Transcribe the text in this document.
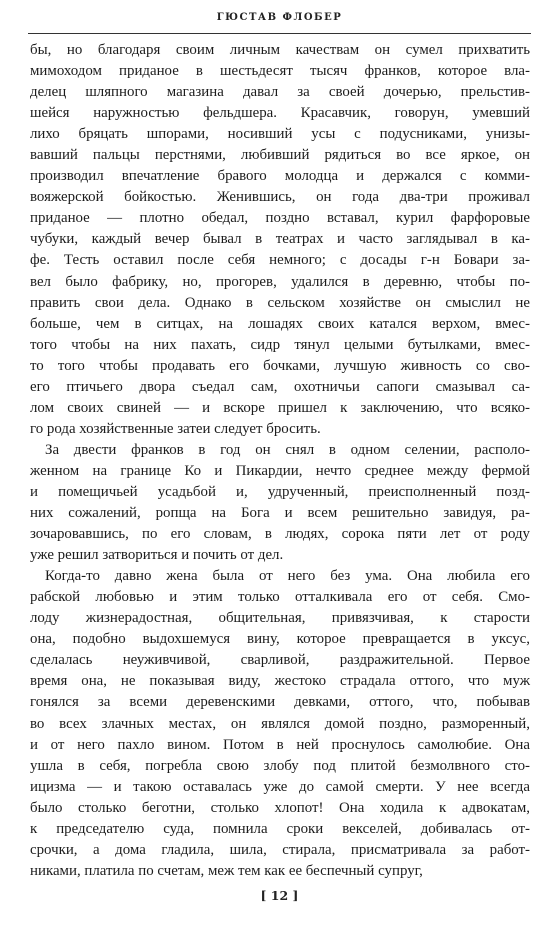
ГЮСТАВ ФЛОБЕР
бы, но благодаря своим личным качествам он сумел прихватить
мимоходом приданое в шестьдесят тысяч франков, которое вла-
делец шляпного магазина давал за своей дочерью, прельстив-
шейся наружностью фельдшера. Красавчик, говорун, умевший
лихо бряцать шпорами, носивший усы с подусниками, унизы-
вавший пальцы перстнями, любивший рядиться во все яркое, он
производил впечатление бравого молодца и держался с комми-
вояжерской бойкостью. Женившись, он года два-три проживал
приданое — плотно обедал, поздно вставал, курил фарфоровые
чубуки, каждый вечер бывал в театрах и часто заглядывал в ка-
фе. Тесть оставил после себя немного; с досады г-н Бовари за-
вел было фабрику, но, прогорев, удалился в деревню, чтобы по-
править свои дела. Однако в сельском хозяйстве он смыслил не
больше, чем в ситцах, на лошадях своих катался верхом, вмес-
того чтобы на них пахать, сидр тянул целыми бутылками, вмес-
то того чтобы продавать его бочками, лучшую живность со сво-
его птичьего двора съедал сам, охотничьи сапоги смазывал са-
лом своих свиней — и вскоре пришел к заключению, что всяко-
го рода хозяйственные затеи следует бросить.
За двести франков в год он снял в одном селении, располо-
женном на границе Ко и Пикардии, нечто среднее между фермой
и помещичьей усадьбой и, удрученный, преисполненный позд-
них сожалений, ропща на Бога и всем решительно завидуя, ра-
зочаровавшись, по его словам, в людях, сорока пяти лет от роду
уже решил затвориться и почить от дел.
Когда-то давно жена была от него без ума. Она любила его
рабской любовью и этим только отталкивала его от себя. Смо-
лоду жизнерадостная, общительная, привязчивая, к старости
она, подобно выдохшемуся вину, которое превращается в уксус,
сделалась неуживчивой, сварливой, раздражительной. Первое
время она, не показывая виду, жестоко страдала оттого, что муж
гонялся за всеми деревенскими девками, оттого, что, побывав
во всех злачных местах, он являлся домой поздно, разморенный,
и от него пахло вином. Потом в ней проснулось самолюбие. Она
ушла в себя, погребла свою злобу под плитой безмолвного сто-
ицизма — и такою оставалась уже до самой смерти. У нее всегда
было столько беготни, столько хлопот! Она ходила к адвокатам,
к председателю суда, помнила сроки векселей, добивалась от-
срочки, а дома гладила, шила, стирала, присматривала за работ-
никами, платила по счетам, меж тем как ее беспечный супруг,
[ 12 ]
